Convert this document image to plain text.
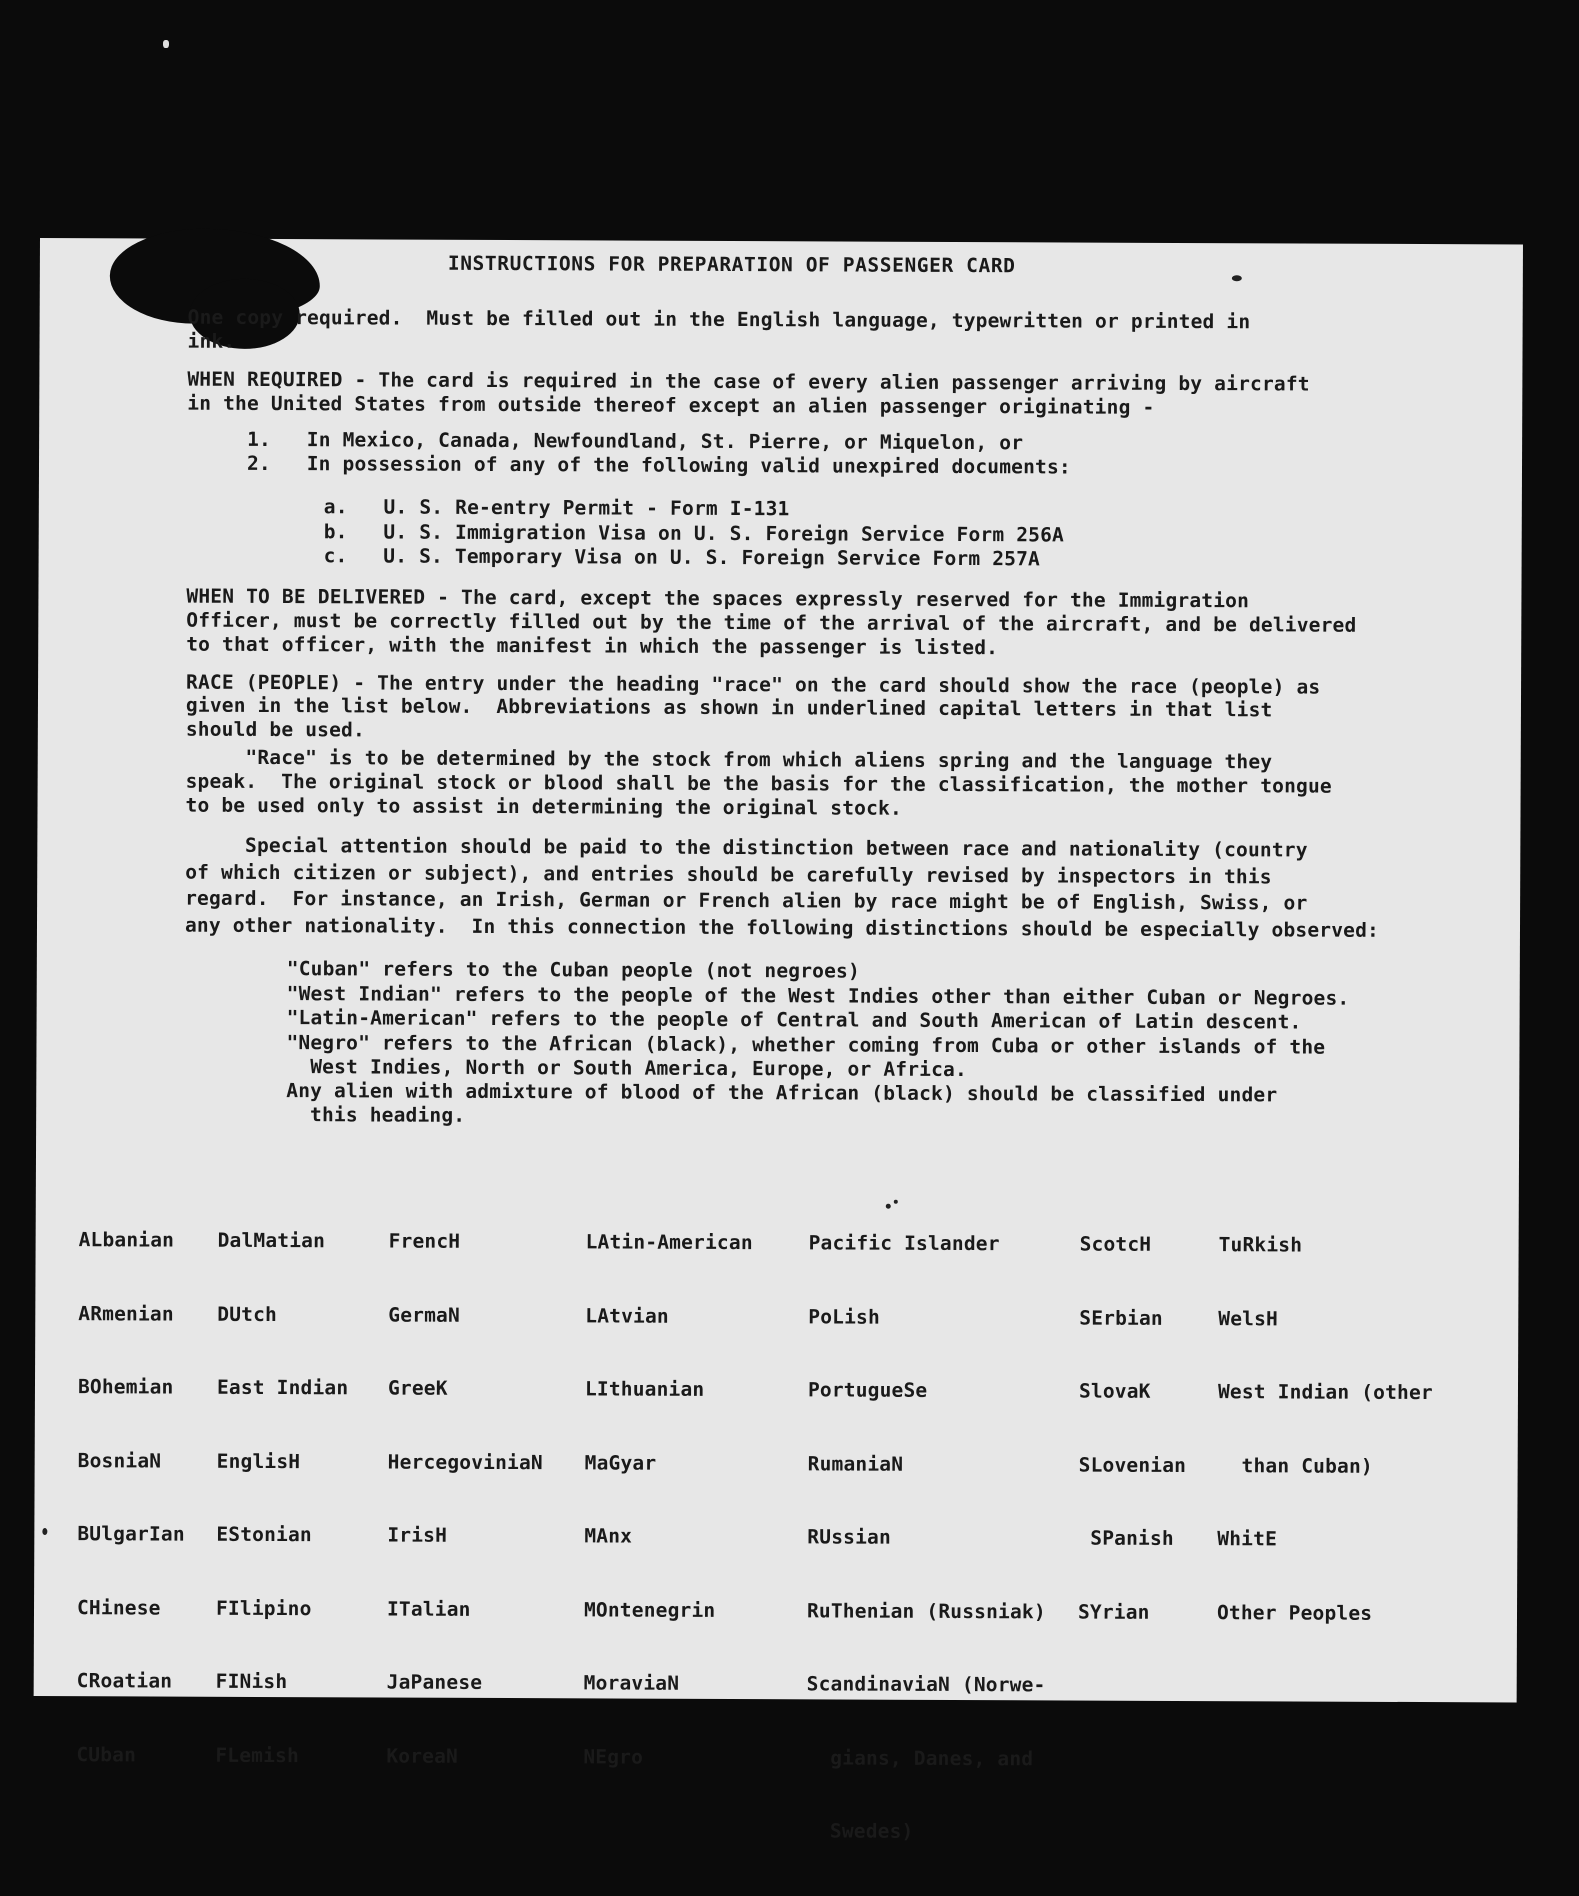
INSTRUCTIONS FOR PREPARATION OF PASSENGER CARD
One copy required.  Must be filled out in the English language, typewritten or printed in
ink.
WHEN REQUIRED - The card is required in the case of every alien passenger arriving by aircraft
in the United States from outside thereof except an alien passenger originating -
1.   In Mexico, Canada, Newfoundland, St. Pierre, or Miquelon, or
2.   In possession of any of the following valid unexpired documents:
a.   U. S. Re-entry Permit - Form I-131
b.   U. S. Immigration Visa on U. S. Foreign Service Form 256A
c.   U. S. Temporary Visa on U. S. Foreign Service Form 257A
WHEN TO BE DELIVERED - The card, except the spaces expressly reserved for the Immigration
Officer, must be correctly filled out by the time of the arrival of the aircraft, and be delivered
to that officer, with the manifest in which the passenger is listed.
RACE (PEOPLE) - The entry under the heading "race" on the card should show the race (people) as
given in the list below.  Abbreviations as shown in underlined capital letters in that list
should be used.
"Race" is to be determined by the stock from which aliens spring and the language they
speak.  The original stock or blood shall be the basis for the classification, the mother tongue
to be used only to assist in determining the original stock.
Special attention should be paid to the distinction between race and nationality (country
of which citizen or subject), and entries should be carefully revised by inspectors in this
regard.  For instance, an Irish, German or French alien by race might be of English, Swiss, or
any other nationality.  In this connection the following distinctions should be especially observed:
"Cuban" refers to the Cuban people (not negroes)
"West Indian" refers to the people of the West Indies other than either Cuban or Negroes.
"Latin-American" refers to the people of Central and South American of Latin descent.
"Negro" refers to the African (black), whether coming from Cuba or other islands of the
West Indies, North or South America, Europe, or Africa.
Any alien with admixture of blood of the African (black) should be classified under
this heading.

ALbanian

ARmenian

BOhemian

BosniaN

BUlgarIan

CHinese

CRoatian

CUban

DalMatian

DUtch

East Indian

EnglisH

EStonian

FIlipino

FINish

FLemish

FrencH

GermaN

GreeK

HercegoviniaN

IrisH

ITalian

JaPanese

KoreaN

LAtin-American

LAtvian

LIthuanian

MaGyar

MAnx

MOntenegrin

MoraviaN

NEgro

Pacific Islander

PoLish

PortugueSe

RumaniaN

RUssian

RuThenian (Russniak)

ScandinaviaN (Norwe-

gians, Danes, and

Swedes)

ScotcH

SErbian

SlovaK

SLovenian

SPanish

SYrian

TuRkish

WelsH

West Indian (other

than Cuban)

WhitE

Other Peoples
